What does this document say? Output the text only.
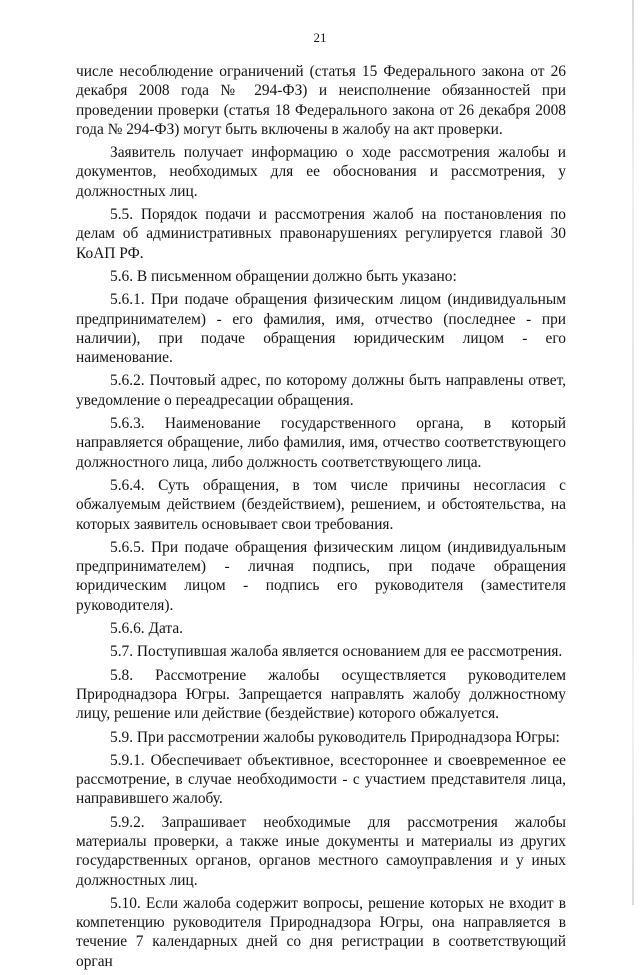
21

числе несоблюдение ограничений (статья 15 Федерального закона от 26 декабря 2008 года № 294-ФЗ) и неисполнение обязанностей при проведении проверки (статья 18 Федерального закона от 26 декабря 2008 года № 294-ФЗ) могут быть включены в жалобу на акт проверки.

Заявитель получает информацию о ходе рассмотрения жалобы и документов, необходимых для ее обоснования и рассмотрения, у должностных лиц.

5.5. Порядок подачи и рассмотрения жалоб на постановления по делам об административных правонарушениях регулируется главой 30 КоАП РФ.

5.6. В письменном обращении должно быть указано:

5.6.1. При подаче обращения физическим лицом (индивидуальным предпринимателем) - его фамилия, имя, отчество (последнее - при наличии), при подаче обращения юридическим лицом - его наименование.

5.6.2. Почтовый адрес, по которому должны быть направлены ответ, уведомление о переадресации обращения.

5.6.3. Наименование государственного органа, в который направляется обращение, либо фамилия, имя, отчество соответствующего должностного лица, либо должность соответствующего лица.

5.6.4. Суть обращения, в том числе причины несогласия с обжалуемым действием (бездействием), решением, и обстоятельства, на которых заявитель основывает свои требования.

5.6.5. При подаче обращения физическим лицом (индивидуальным предпринимателем) - личная подпись, при подаче обращения юридическим лицом - подпись его руководителя (заместителя руководителя).

5.6.6. Дата.

5.7. Поступившая жалоба является основанием для ее рассмотрения.

5.8. Рассмотрение жалобы осуществляется руководителем Природнадзора Югры. Запрещается направлять жалобу должностному лицу, решение или действие (бездействие) которого обжалуется.

5.9. При рассмотрении жалобы руководитель Природнадзора Югры:

5.9.1. Обеспечивает объективное, всестороннее и своевременное ее рассмотрение, в случае необходимости - с участием представителя лица, направившего жалобу.

5.9.2. Запрашивает необходимые для рассмотрения жалобы материалы проверки, а также иные документы и материалы из других государственных органов, органов местного самоуправления и у иных должностных лиц.

5.10. Если жалоба содержит вопросы, решение которых не входит в компетенцию руководителя Природнадзора Югры, она направляется в течение 7 календарных дней со дня регистрации в соответствующий орган
